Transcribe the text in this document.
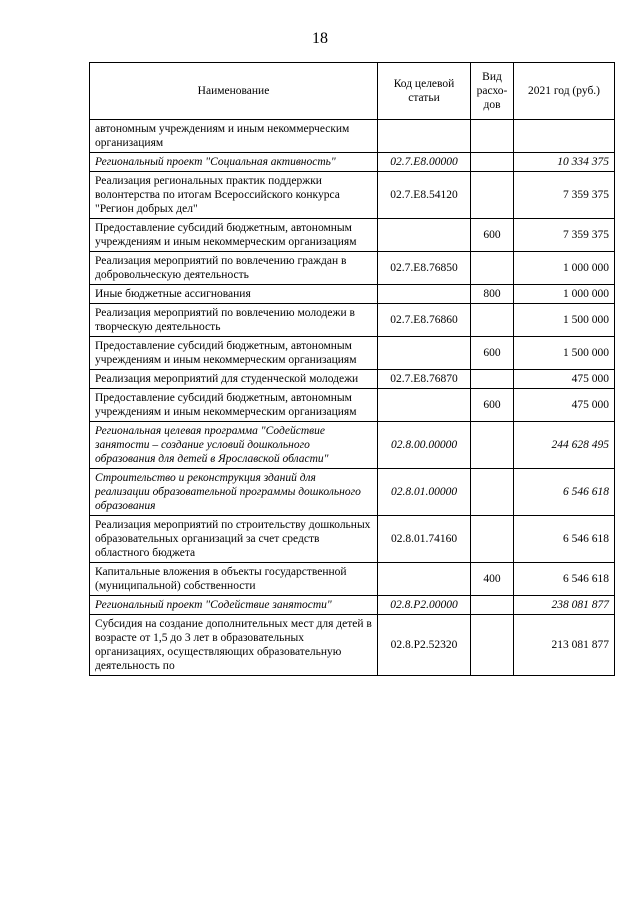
18
Наименование	Код целевой статьи	Вид расхо-дов	2021 год (руб.)
автономным учреждениям и иным некоммерческим организациям			
Региональный проект "Социальная активность"	02.7.Е8.00000		10 334 375
Реализация региональных практик поддержки волонтерства по итогам Всероссийского конкурса "Регион добрых дел"	02.7.Е8.54120		7 359 375
Предоставление субсидий бюджетным, автономным учреждениям и иным некоммерческим организациям		600	7 359 375
Реализация мероприятий по вовлечению граждан в добровольческую деятельность	02.7.Е8.76850		1 000 000
Иные бюджетные ассигнования		800	1 000 000
Реализация мероприятий по вовлечению молодежи в творческую деятельность	02.7.Е8.76860		1 500 000
Предоставление субсидий бюджетным, автономным учреждениям и иным некоммерческим организациям		600	1 500 000
Реализация мероприятий для студенческой молодежи	02.7.Е8.76870		475 000
Предоставление субсидий бюджетным, автономным учреждениям и иным некоммерческим организациям		600	475 000
Региональная целевая программа "Содействие занятости – создание условий дошкольного образования для детей в Ярославской области"	02.8.00.00000		244 628 495
Строительство и реконструкция зданий для реализации образовательной программы дошкольного образования	02.8.01.00000		6 546 618
Реализация мероприятий по строительству дошкольных образовательных организаций за счет средств областного бюджета	02.8.01.74160		6 546 618
Капитальные вложения в объекты государственной (муниципальной) собственности		400	6 546 618
Региональный проект "Содействие занятости"	02.8.Р2.00000		238 081 877
Субсидия на создание дополнительных мест для детей в возрасте от 1,5 до 3 лет в образовательных организациях, осуществляющих образовательную деятельность по	02.8.Р2.52320		213 081 877
